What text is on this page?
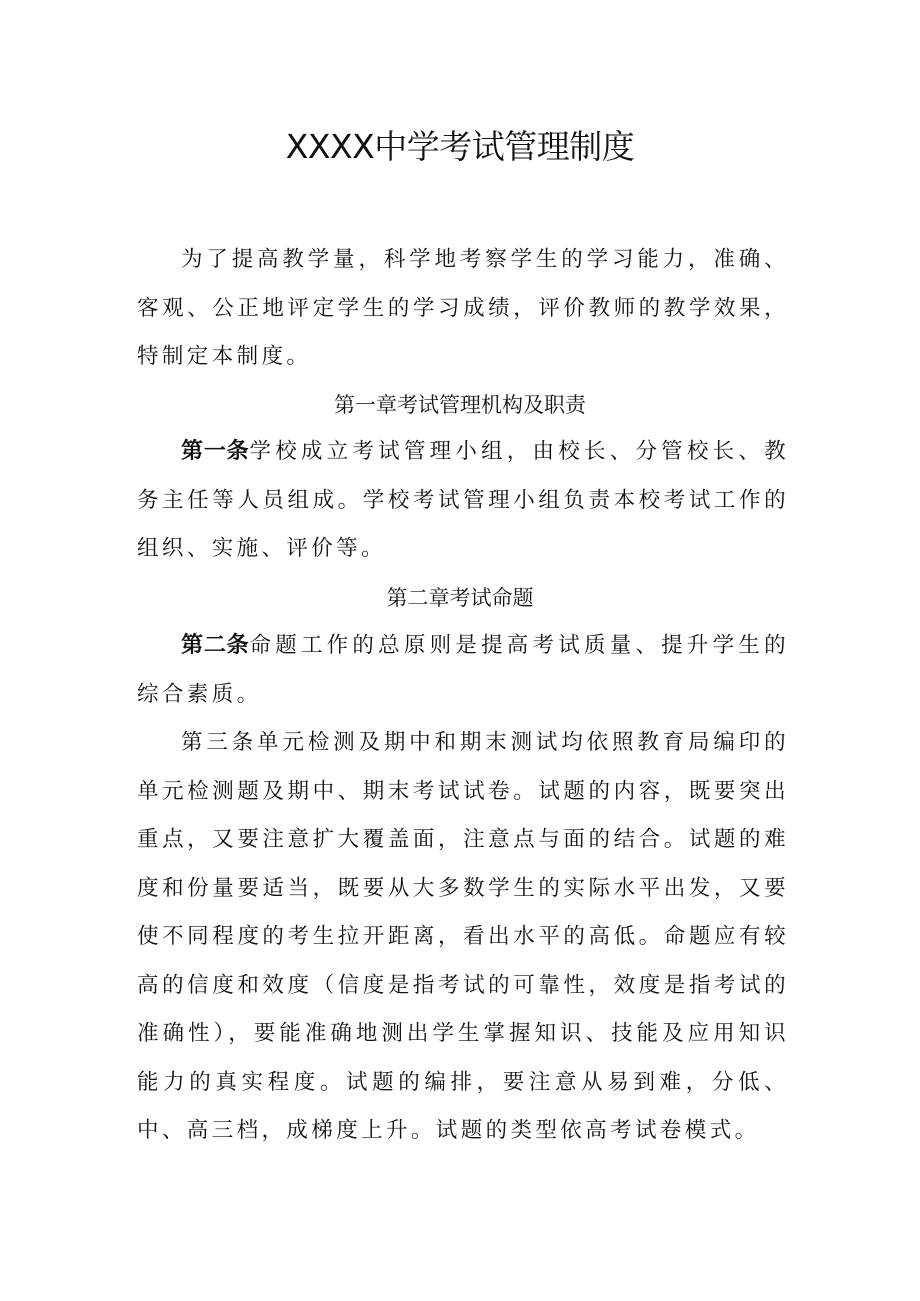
XXXX中学考试管理制度

为了提高教学量，科学地考察学生的学习能力，准确、客观、公正地评定学生的学习成绩，评价教师的教学效果，特制定本制度。

第一章考试管理机构及职责

第一条学校成立考试管理小组，由校长、分管校长、教务主任等人员组成。学校考试管理小组负责本校考试工作的组织、实施、评价等。

第二章考试命题

第二条命题工作的总原则是提高考试质量、提升学生的综合素质。

第三条单元检测及期中和期末测试均依照教育局编印的单元检测题及期中、期末考试试卷。试题的内容，既要突出重点，又要注意扩大覆盖面，注意点与面的结合。试题的难度和份量要适当，既要从大多数学生的实际水平出发，又要使不同程度的考生拉开距离，看出水平的高低。命题应有较高的信度和效度（信度是指考试的可靠性，效度是指考试的准确性），要能准确地测出学生掌握知识、技能及应用知识能力的真实程度。试题的编排，要注意从易到难，分低、中、高三档，成梯度上升。试题的类型依高考试卷模式。
